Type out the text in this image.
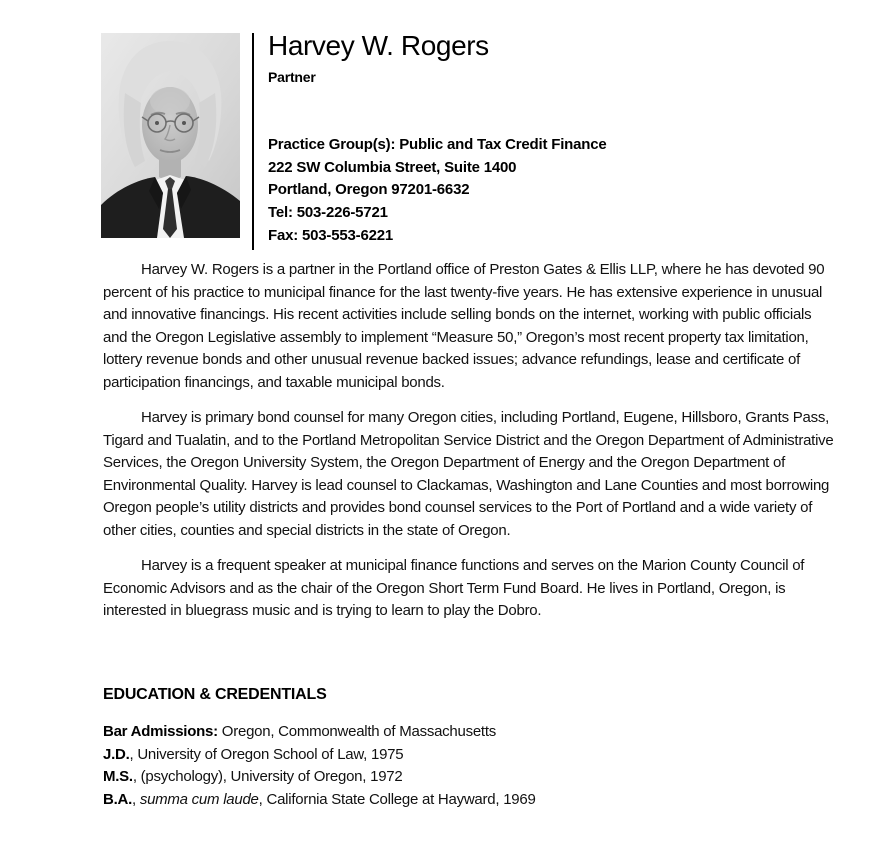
Harvey W. Rogers
Partner
Practice Group(s): Public and Tax Credit Finance
222 SW Columbia Street, Suite 1400
Portland, Oregon 97201-6632
Tel: 503-226-5721
Fax: 503-553-6221

Harvey W. Rogers is a partner in the Portland office of Preston Gates & Ellis LLP, where he has devoted 90 percent of his practice to municipal finance for the last twenty-five years. He has extensive experience in unusual and innovative financings. His recent activities include selling bonds on the internet, working with public officials and the Oregon Legislative assembly to implement “Measure 50,” Oregon’s most recent property tax limitation, lottery revenue bonds and other unusual revenue backed issues; advance refundings, lease and certificate of participation financings, and taxable municipal bonds.

Harvey is primary bond counsel for many Oregon cities, including Portland, Eugene, Hillsboro, Grants Pass, Tigard and Tualatin, and to the Portland Metropolitan Service District and the Oregon Department of Administrative Services, the Oregon University System, the Oregon Department of Energy and the Oregon Department of Environmental Quality. Harvey is lead counsel to Clackamas, Washington and Lane Counties and most borrowing Oregon people’s utility districts and provides bond counsel services to the Port of Portland and a wide variety of other cities, counties and special districts in the state of Oregon.

Harvey is a frequent speaker at municipal finance functions and serves on the Marion County Council of Economic Advisors and as the chair of the Oregon Short Term Fund Board. He lives in Portland, Oregon, is interested in bluegrass music and is trying to learn to play the Dobro.

EDUCATION & CREDENTIALS
Bar Admissions: Oregon, Commonwealth of Massachusetts
J.D., University of Oregon School of Law, 1975
M.S., (psychology), University of Oregon, 1972
B.A., summa cum laude, California State College at Hayward, 1969
